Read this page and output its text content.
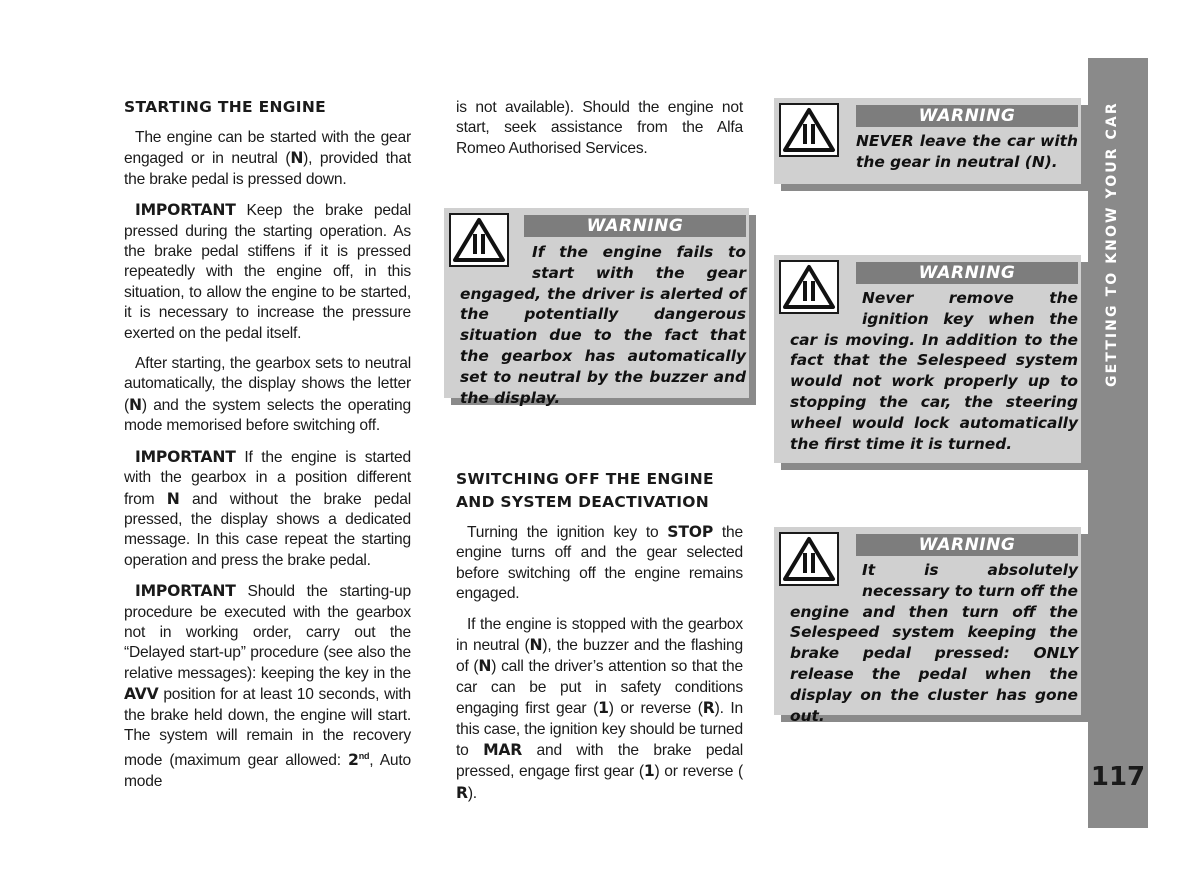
STARTING THE ENGINE

The engine can be started with the gear engaged or in neutral (N), provided that the brake pedal is pressed down.

IMPORTANT Keep the brake pedal pressed during the starting operation. As the brake pedal stiffens if it is pressed repeatedly with the engine off, in this situation, to allow the engine to be started, it is necessary to increase the pressure exerted on the pedal itself.

After starting, the gearbox sets to neutral automatically, the display shows the letter (N) and the system selects the operating mode memorised before switching off.

IMPORTANT If the engine is started with the gearbox in a position different from N and without the brake pedal pressed, the display shows a dedicated message. In this case repeat the starting operation and press the brake pedal.

IMPORTANT Should the starting-up procedure be executed with the gearbox not in working order, carry out the “Delayed start-up” procedure (see also the relative messages): keeping the key in the AVV position for at least 10 seconds, with the brake held down, the engine will start. The system will remain in the recovery mode (maximum gear allowed: 2nd, Auto mode

is not available). Should the engine not start, seek assistance from the Alfa Romeo Authorised Services.

WARNING

If the engine fails to start with the gear engaged, the driver is alerted of the potentially dangerous situation due to the fact that the gearbox has automatically set to neutral by the buzzer and the display.

SWITCHING OFF THE ENGINE
AND SYSTEM DEACTIVATION

Turning the ignition key to STOP the engine turns off and the gear selected before switching off the engine remains engaged.

If the engine is stopped with the gearbox in neutral (N), the buzzer and the flashing of (N) call the driver’s attention so that the car can be put in safety conditions engaging first gear (1) or reverse (R). In this case, the ignition key should be turned to MAR and with the brake pedal pressed, engage first gear (1) or reverse ( R).

WARNING

NEVER leave the car with the gear in neutral (N).

WARNING

Never remove the ignition key when the car is moving. In addition to the fact that the Selespeed system would not work properly up to stopping the car, the steering wheel would lock automatically the first time it is turned.

WARNING

It is absolutely necessary to turn off the engine and then turn off the Selespeed system keeping the brake pedal pressed: ONLY release the pedal when the display on the cluster has gone out.

GETTING TO KNOW YOUR CAR
117
